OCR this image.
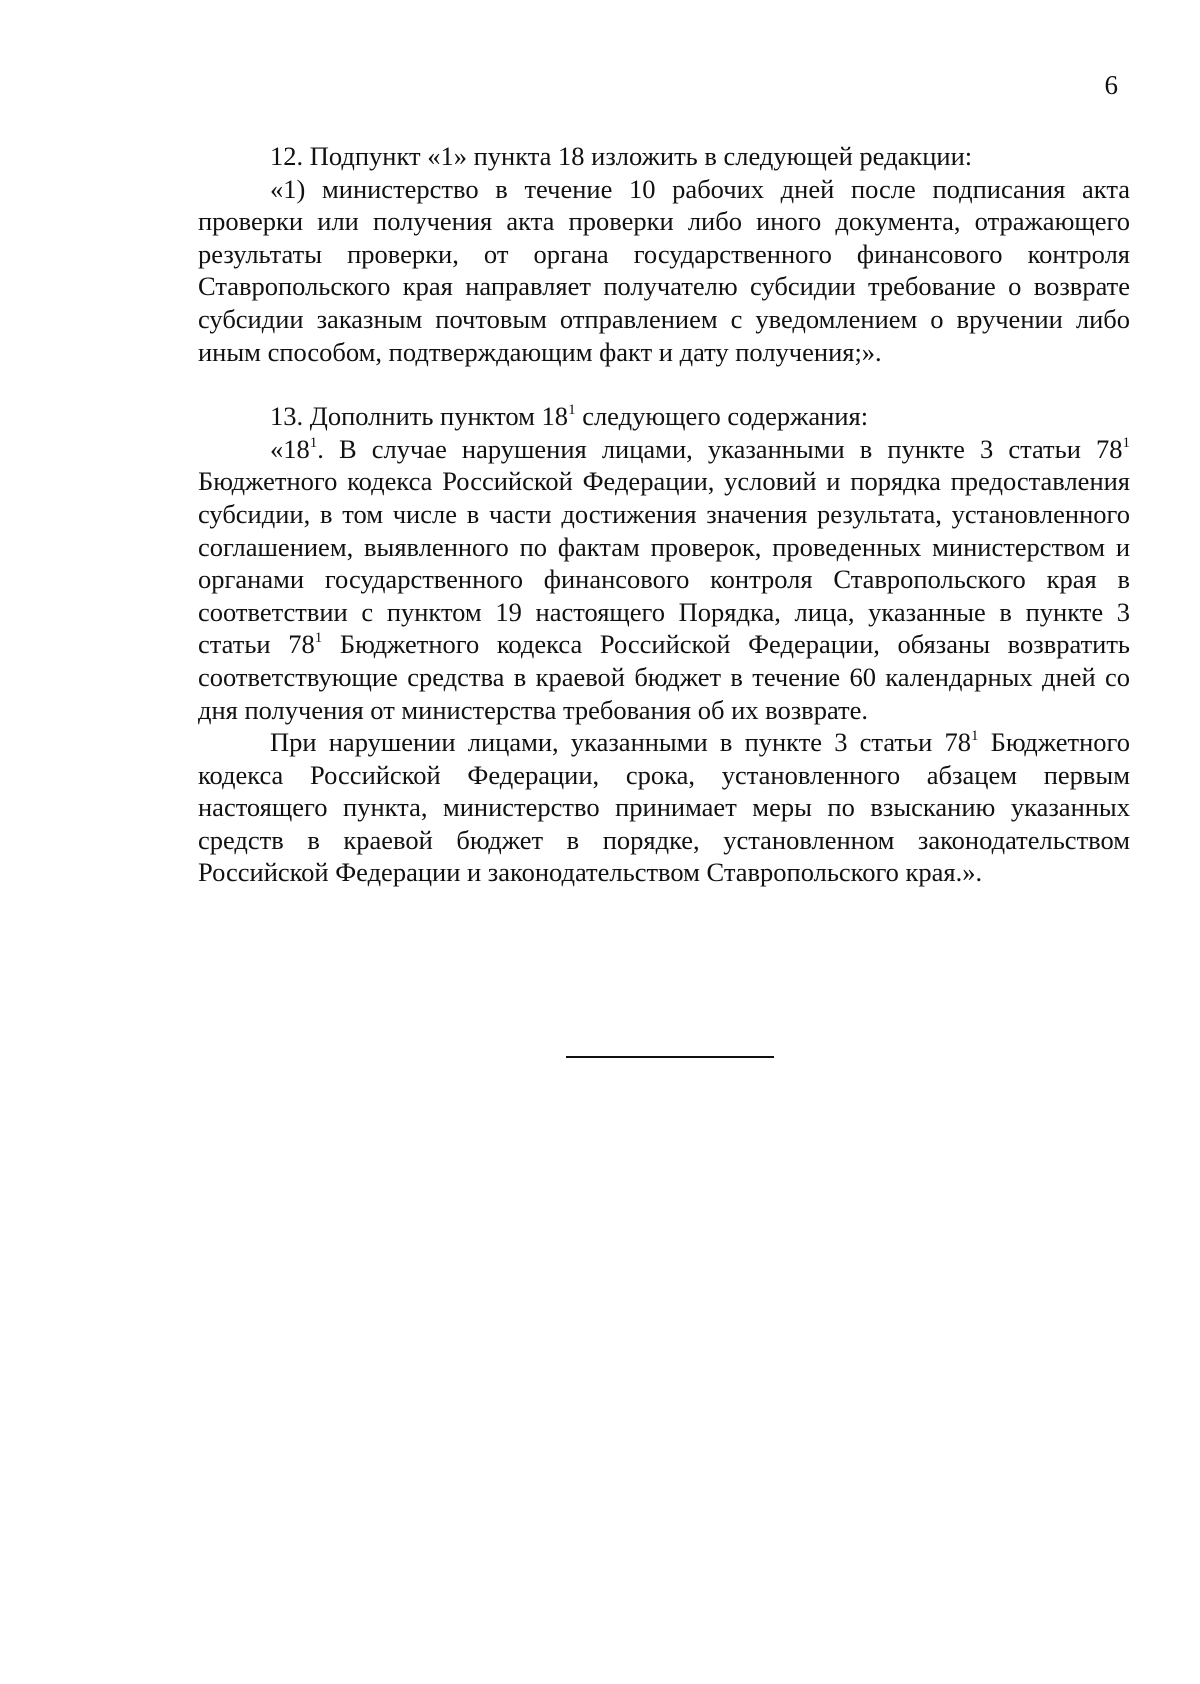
6

12. Подпункт «1» пункта 18 изложить в следующей редакции:

«1) министерство в течение 10 рабочих дней после подписания акта проверки или получения акта проверки либо иного документа, отражающего результаты проверки, от органа государственного финансового контроля Ставропольского края направляет получателю субсидии требование о возврате субсидии заказным почтовым отправлением с уведомлением о вручении либо иным способом, подтверждающим факт и дату получения;».

13. Дополнить пунктом $18^1$ следующего содержания:

«$18^1$. В случае нарушения лицами, указанными в пункте 3 статьи $78^1$ Бюджетного кодекса Российской Федерации, условий и порядка предоставления субсидии, в том числе в части достижения значения результата, установленного соглашением, выявленного по фактам проверок, проведенных министерством и органами государственного финансового контроля Ставропольского края в соответствии с пунктом 19 настоящего Порядка, лица, указанные в пункте 3 статьи $78^1$ Бюджетного кодекса Российской Федерации, обязаны возвратить соответствующие средства в краевой бюджет в течение 60 календарных дней со дня получения от министерства требования об их возврате.

При нарушении лицами, указанными в пункте 3 статьи $78^1$ Бюджетного кодекса Российской Федерации, срока, установленного абзацем первым настоящего пункта, министерство принимает меры по взысканию указанных средств в краевой бюджет в порядке, установленном законодательством Российской Федерации и законодательством Ставропольского края.».
